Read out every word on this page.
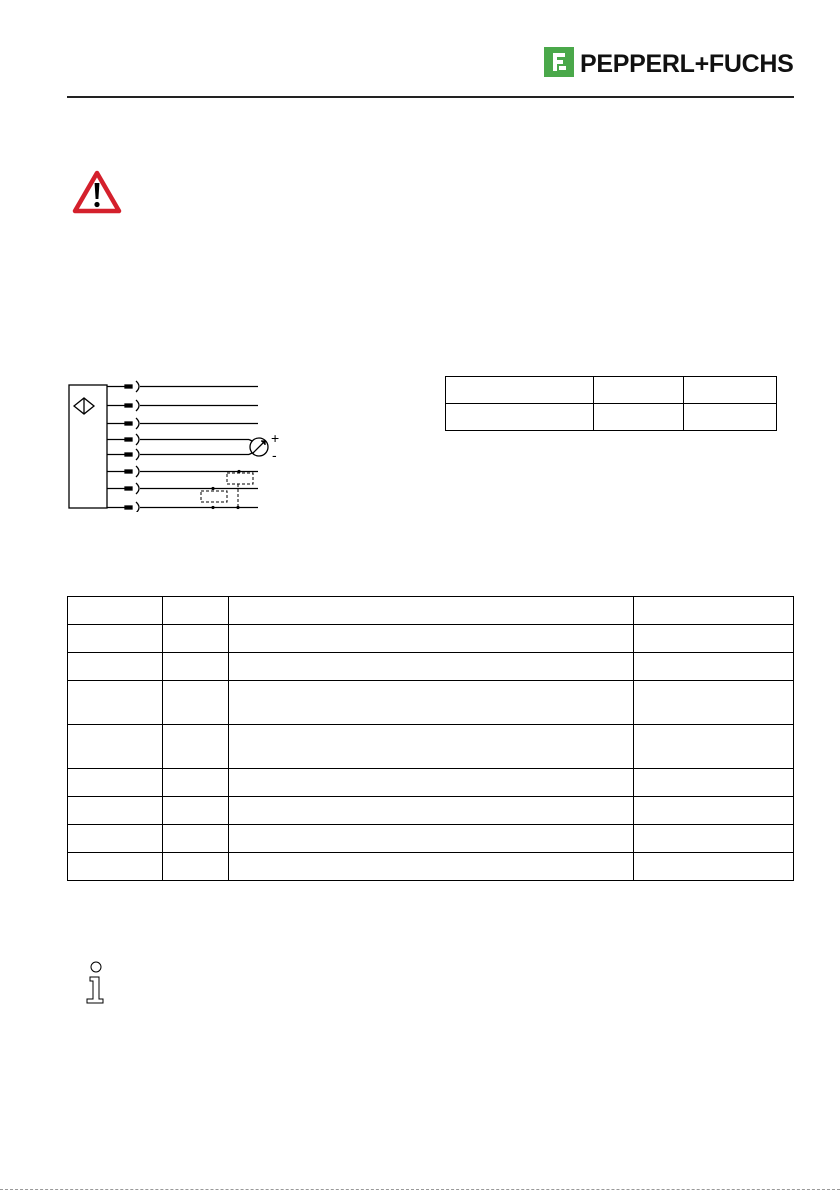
PEPPERL+FUCHS
+
-
